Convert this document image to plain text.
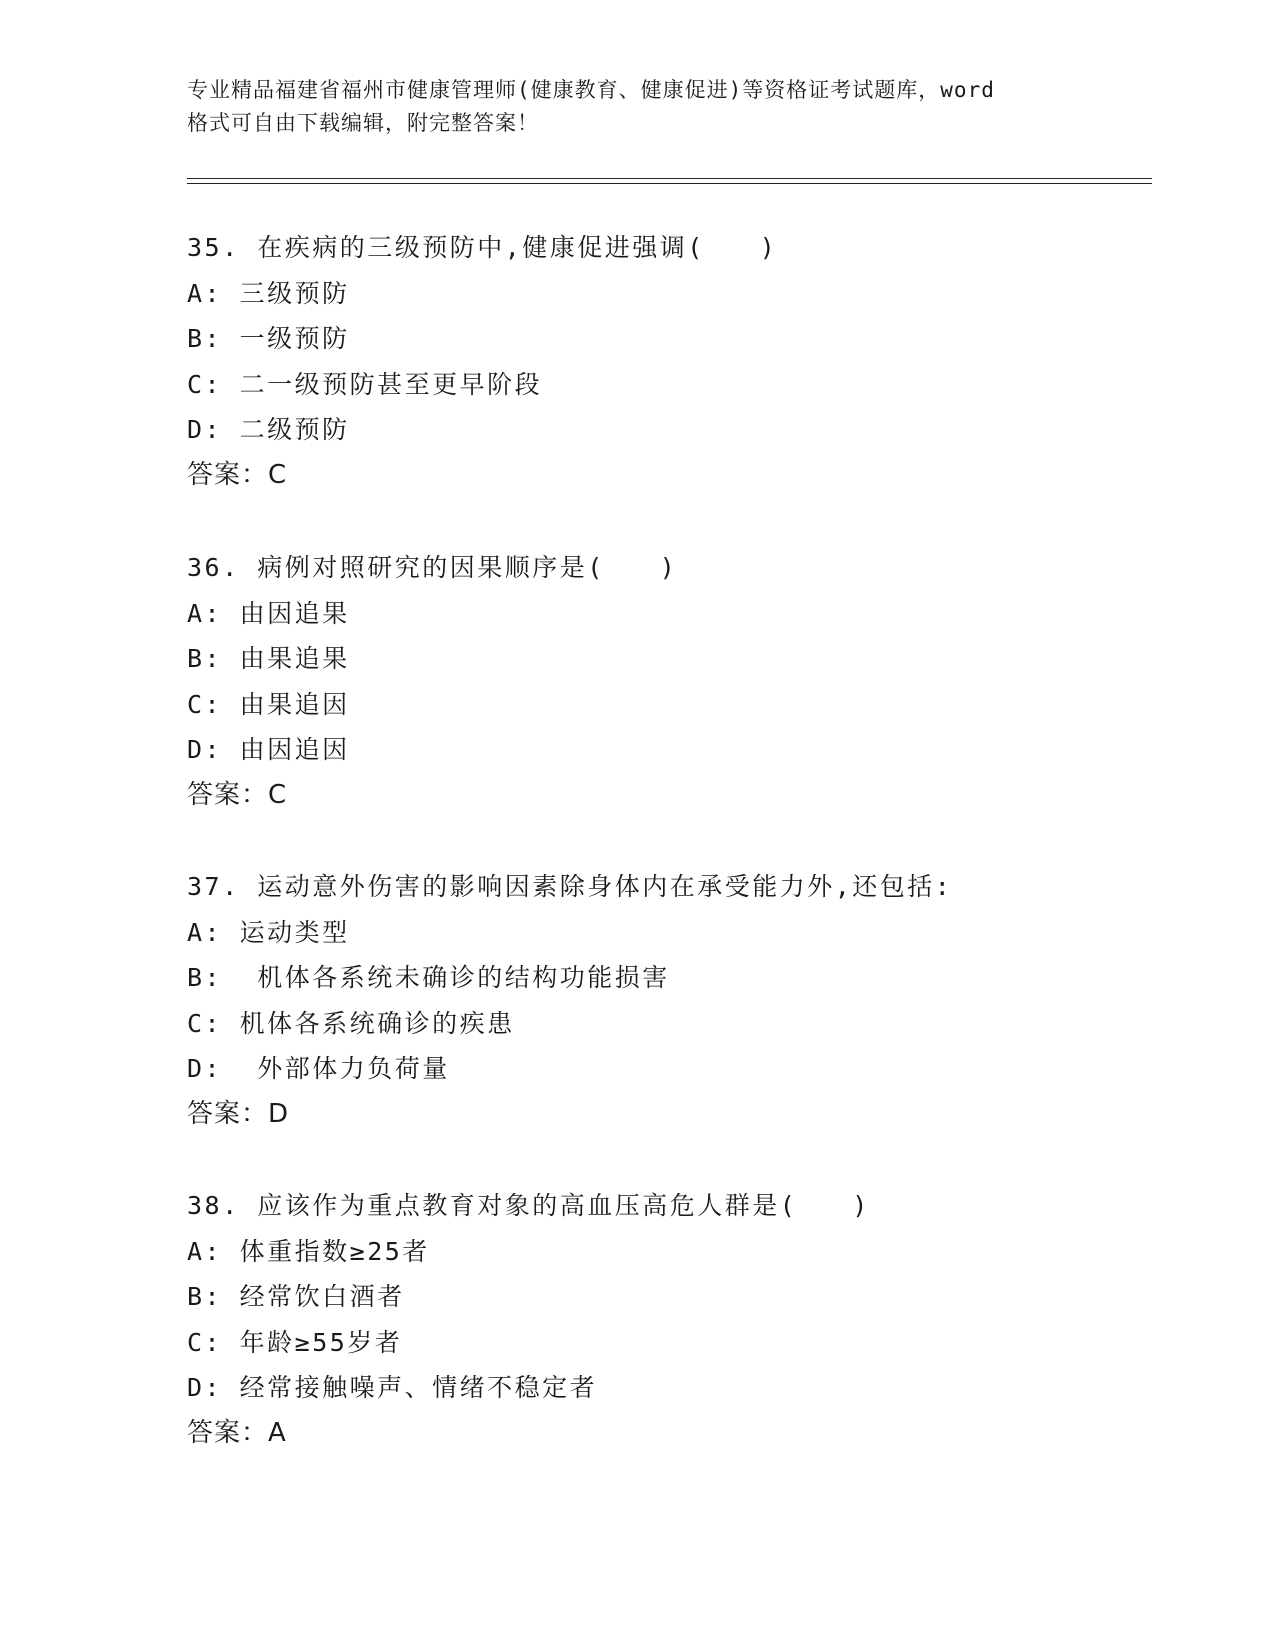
专业精品福建省福州市健康管理师(健康教育、健康促进)等资格证考试题库，word
格式可自由下载编辑，附完整答案！
35. 在疾病的三级预防中,健康促进强调(　　)
A: 三级预防
B: 一级预防
C: 二一级预防甚至更早阶段
D: 二级预防
答案：C
36. 病例对照研究的因果顺序是(　　)
A: 由因追果
B: 由果追果
C: 由果追因
D: 由因追因
答案：C
37. 运动意外伤害的影响因素除身体内在承受能力外,还包括:
A: 运动类型
B:  机体各系统未确诊的结构功能损害
C: 机体各系统确诊的疾患
D:  外部体力负荷量
答案：D
38. 应该作为重点教育对象的高血压高危人群是(　　)
A: 体重指数≥25者
B: 经常饮白酒者
C: 年龄≥55岁者
D: 经常接触噪声、情绪不稳定者
答案：A
